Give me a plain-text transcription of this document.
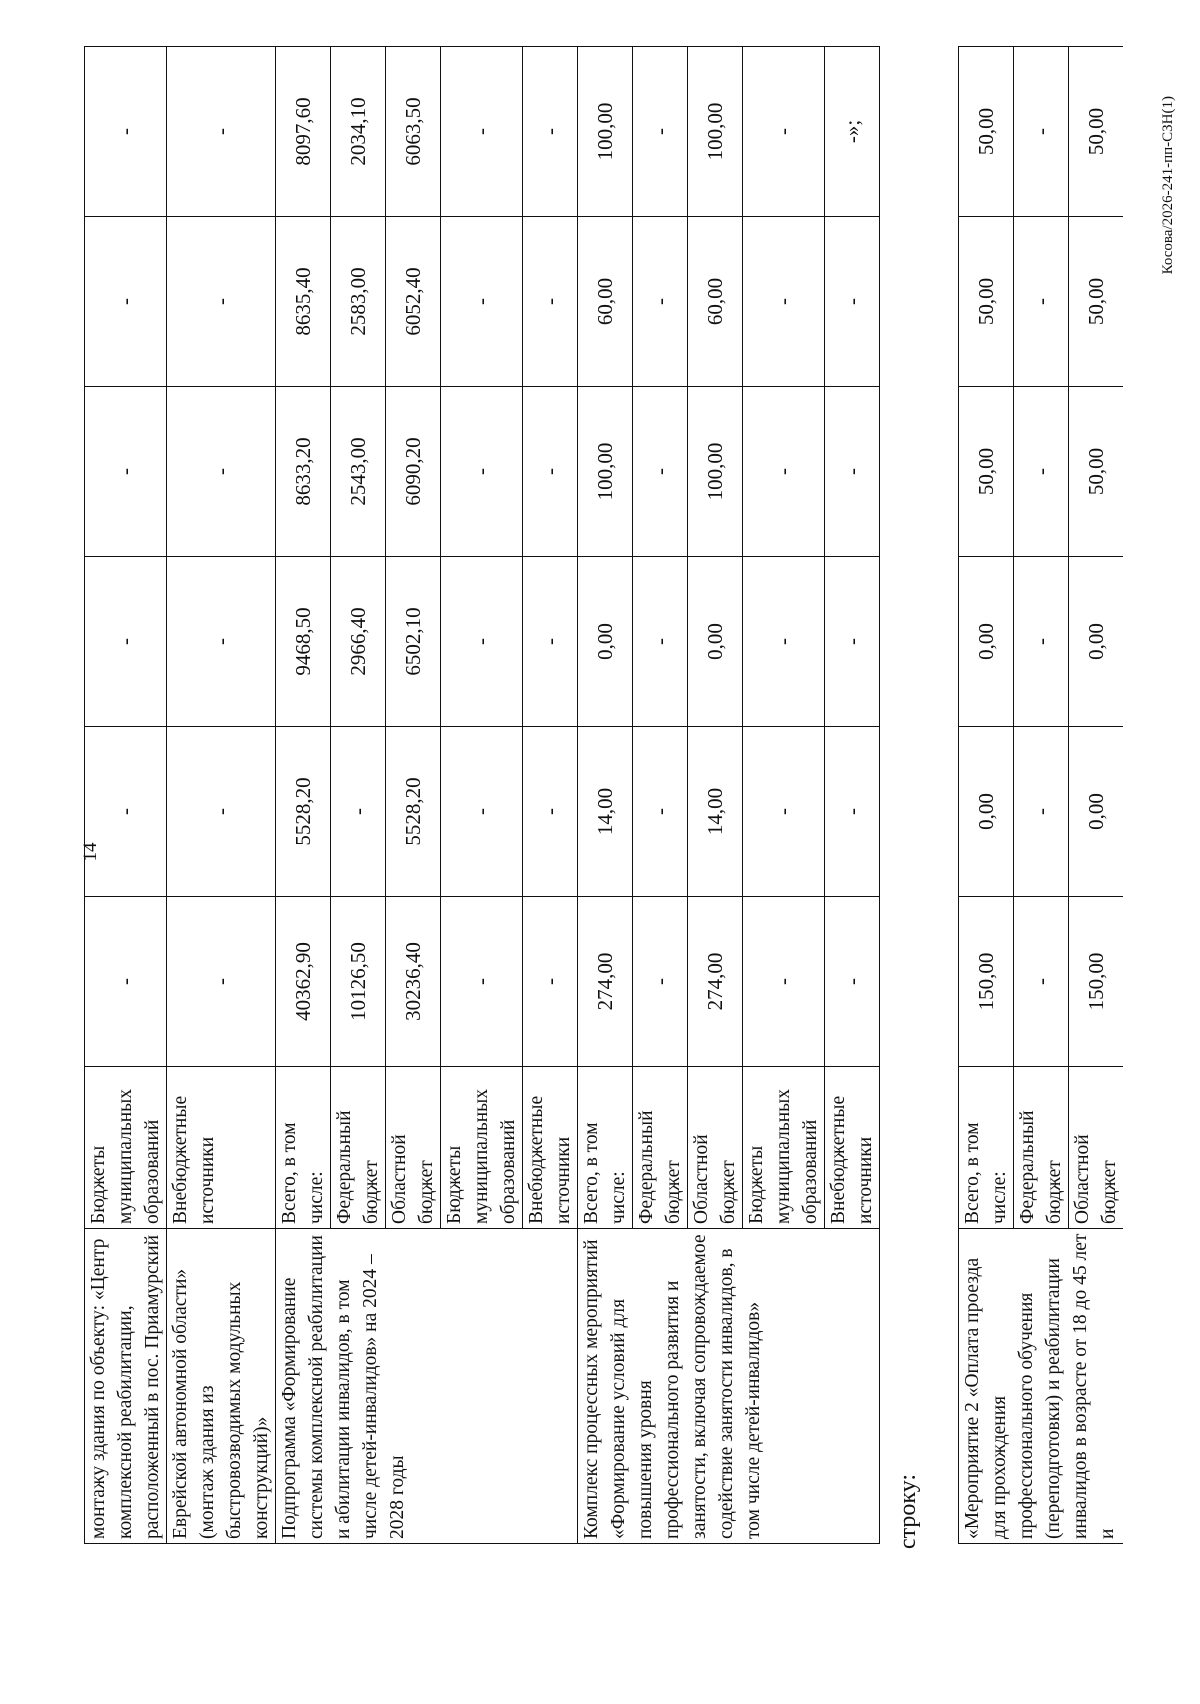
14
монтажу здания по объекту: «Центр комплексной реабилитации, расположенный в пос. Приамурский	Бюджеты муниципальных образований	-	-	-	-	-	-
Еврейской автономной области» (монтаж здания из быстровозводимых модульных конструкций)»	Внебюджетные источники	-	-	-	-	-	-
Подпрограмма «Формирование системы комплексной реабилитации и абилитации инвалидов, в том числе детей-инвалидов» на 2024 – 2028 годы	Всего, в том числе:	40362,90	5528,20	9468,50	8633,20	8635,40	8097,60
	Федеральный бюджет	10126,50	-	2966,40	2543,00	2583,00	2034,10
	Областной бюджет	30236,40	5528,20	6502,10	6090,20	6052,40	6063,50
	Бюджеты муниципальных образований	-	-	-	-	-	-
	Внебюджетные источники	-	-	-	-	-	-
Комплекс процессных мероприятий «Формирование условий для повышения уровня профессионального развития и занятости, включая сопровождаемое содействие занятости инвалидов, в том числе детей-инвалидов»	Всего, в том числе:	274,00	14,00	0,00	100,00	60,00	100,00
	Федеральный бюджет	-	-	-	-	-	-
	Областной бюджет	274,00	14,00	0,00	100,00	60,00	100,00
	Бюджеты муниципальных образований	-	-	-	-	-	-
	Внебюджетные источники	-	-	-	-	-	-»;
строку: «Мероприятие 2 «Оплата проезда для прохождения профессионального обучения (переподготовки) и реабилитации инвалидов в возрасте от 18 до 45 лет и	Всего, в том числе:	150,00	0,00	0,00	50,00	50,00	50,00
	Федеральный бюджет	-	-	-	-	-	-
	Областной бюджет	150,00	0,00	0,00	50,00	50,00	50,00	Косова/2026-241-пп-СЗН(1)
